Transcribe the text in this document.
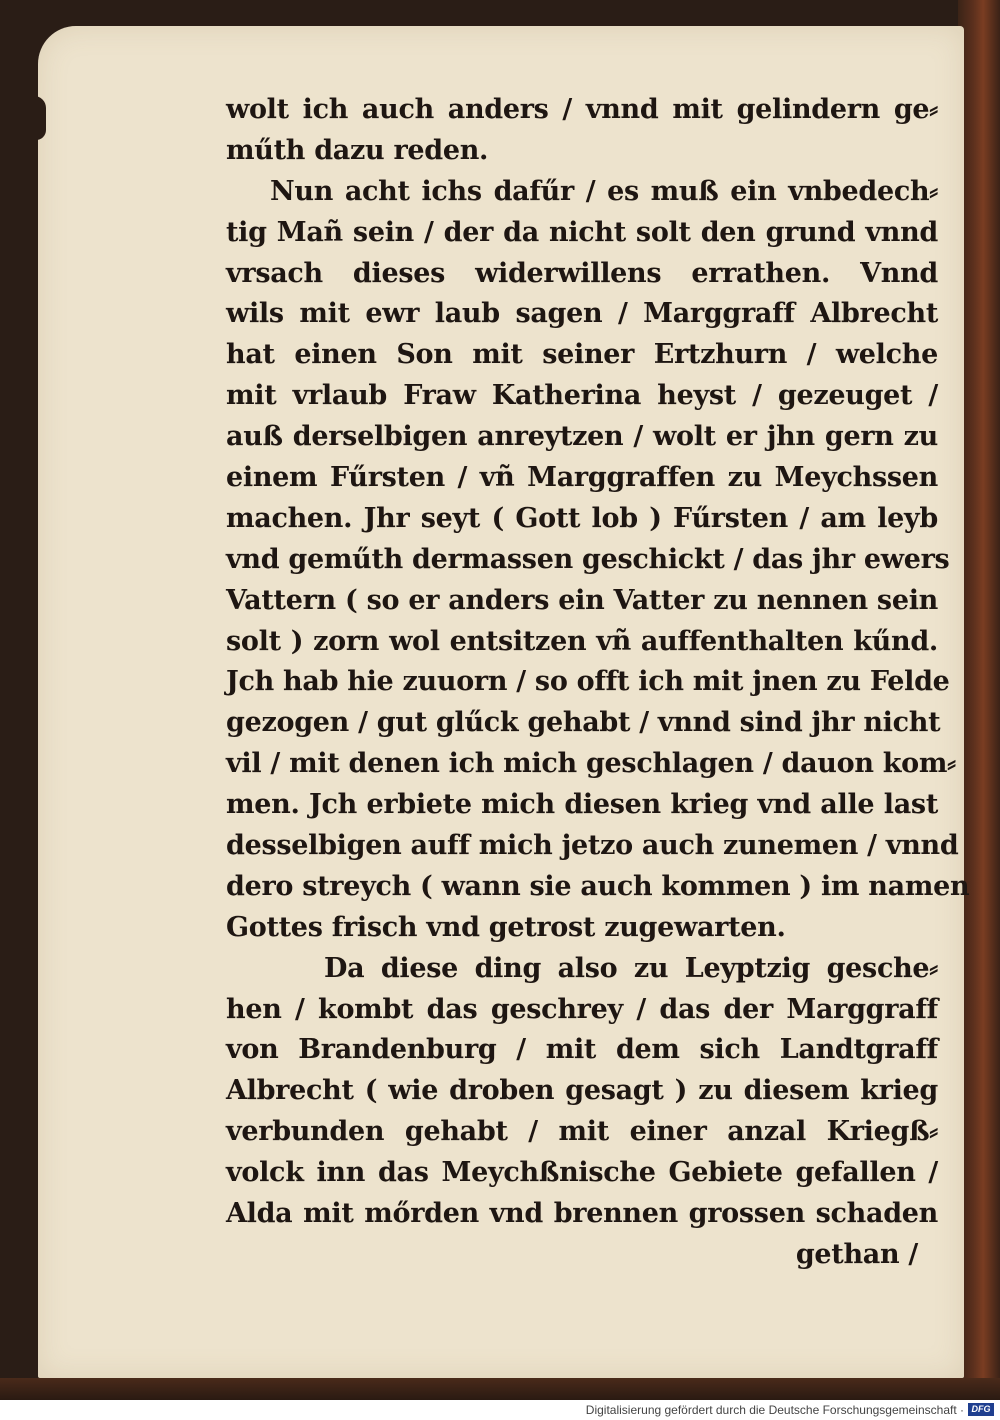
wolt ich auch anders / vnnd mit gelindern ge⸗
műth dazu reden.
Nun acht ichs dafűr / es muß ein vnbedech⸗
tig Mañ sein / der da nicht solt den grund vnnd
vrsach dieses widerwillens errathen. Vnnd
wils mit ewr laub sagen / Marggraff Albrecht
hat einen Son mit seiner Ertzhurn / welche
mit vrlaub Fraw Katherina heyst / gezeuget /
auß derselbigen anreytzen / wolt er jhn gern zu
einem Fűrsten / vñ Marggraffen zu Meychssen
machen. Jhr seyt ( Gott lob ) Fűrsten / am leyb
vnd geműth dermassen geschickt / das jhr ewers
Vattern ( so er anders ein Vatter zu nennen sein
solt ) zorn wol entsitzen vñ auffenthalten kűnd.
Jch hab hie zuuorn / so offt ich mit jnen zu Felde
gezogen / gut glűck gehabt / vnnd sind jhr nicht
vil / mit denen ich mich geschlagen / dauon kom⸗
men. Jch erbiete mich diesen krieg vnd alle last
desselbigen auff mich jetzo auch zunemen / vnnd
dero streych ( wann sie auch kommen ) im namen
Gottes frisch vnd getrost zugewarten.
Da diese ding also zu Leyptzig gesche⸗
hen / kombt das geschrey / das der Marggraff
von Brandenburg / mit dem sich Landtgraff
Albrecht ( wie droben gesagt ) zu diesem krieg
verbunden gehabt / mit einer anzal Kriegß⸗
volck inn das Meychßnische Gebiete gefallen /
Alda mit mőrden vnd brennen grossen schaden
gethan /
Digitalisierung gefördert durch die Deutsche Forschungsgemeinschaft · DFG
